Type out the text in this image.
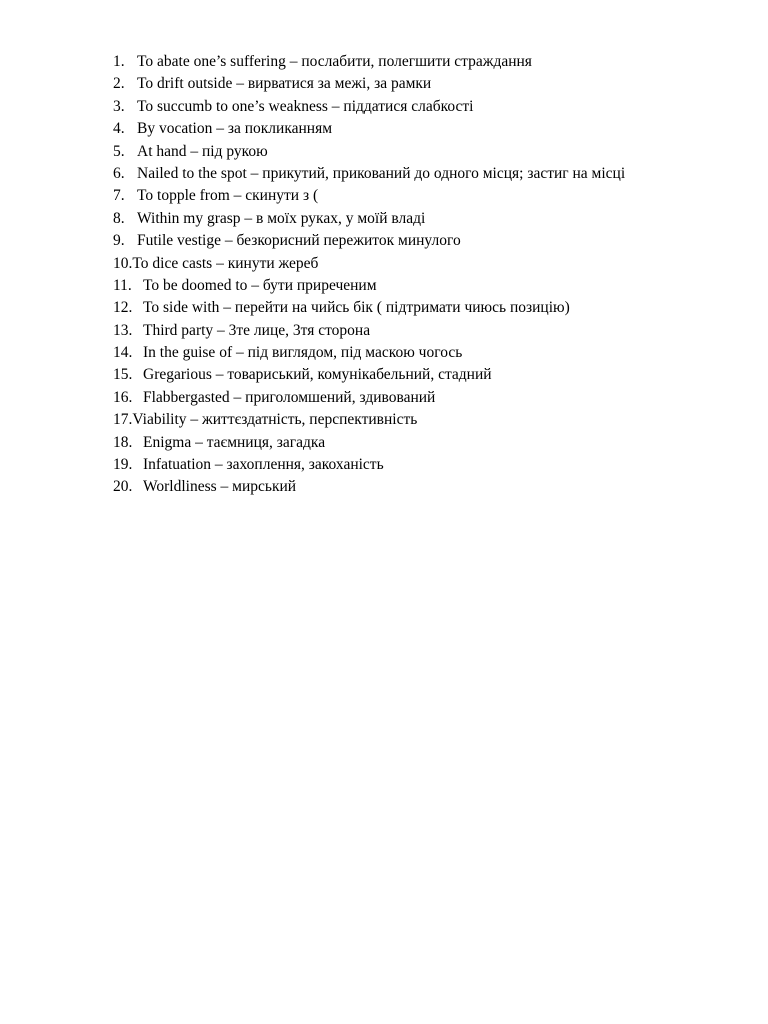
1. To abate one’s suffering – послабити, полегшити страждання
2. To drift outside – вирватися за межі, за рамки
3. To succumb to one’s weakness – піддатися слабкості
4. By vocation – за покликанням
5. At hand – під рукою
6. Nailed to the spot – прикутий, прикований до одного місця; застиг на місці
7. To topple from – скинути з (
8. Within my grasp – в моїх руках, у моїй владі
9. Futile vestige – безкорисний пережиток минулого
10. To dice casts – кинути жереб
11. To be doomed to – бути приреченим
12. To side with – перейти на чийсь бік ( підтримати чиюсь позицію)
13. Third party – 3те лице, 3тя сторона
14. In the guise of – під виглядом, під маскою чогось
15. Gregarious – товариський, комунікабельний, стадний
16. Flabbergasted – приголомшений, здивований
17. Viability – життєздатність, перспективність
18. Enigma – таємниця, загадка
19. Infatuation – захоплення, закоханість
20. Worldliness – мирський
